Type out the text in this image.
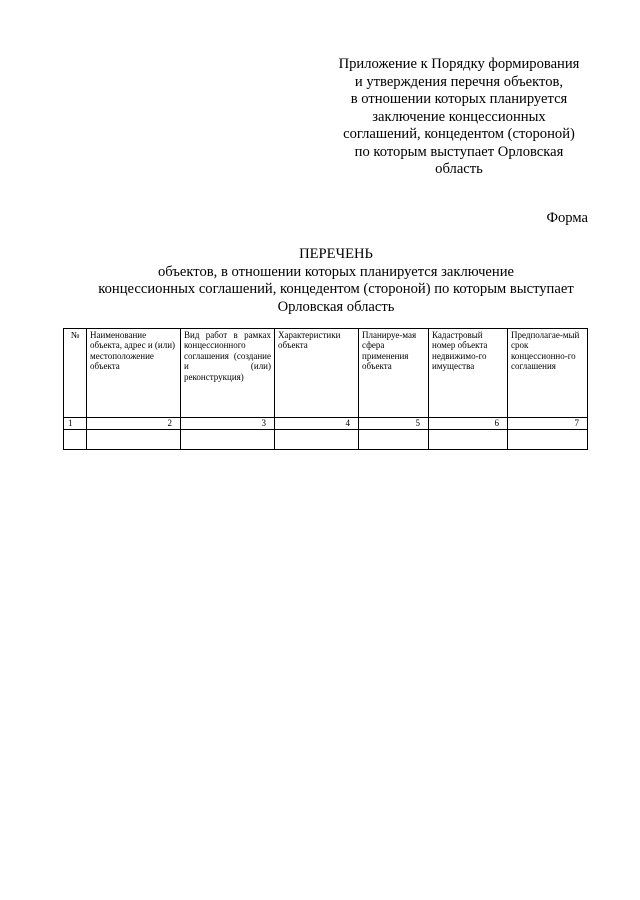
Приложение к Порядку формирования
и утверждения перечня объектов,
в отношении которых планируется
заключение концессионных
соглашений, концедентом (стороной)
по которым выступает Орловская
область
Форма
ПЕРЕЧЕНЬ
объектов, в отношении которых планируется заключение
концессионных соглашений, концедентом (стороной) по которым выступает
Орловская область
№	Наименование объекта, адрес и (или) местоположение объекта	Вид работ в рамках концессионного соглашения (создание и (или) реконструкция)	Характеристики объекта	Планируе-мая сфера применения объекта	Кадастровый номер объекта недвижимо-го имущества	Предполагае-мый срок концессионно-го соглашения
1	2	3	4	5	6	7
